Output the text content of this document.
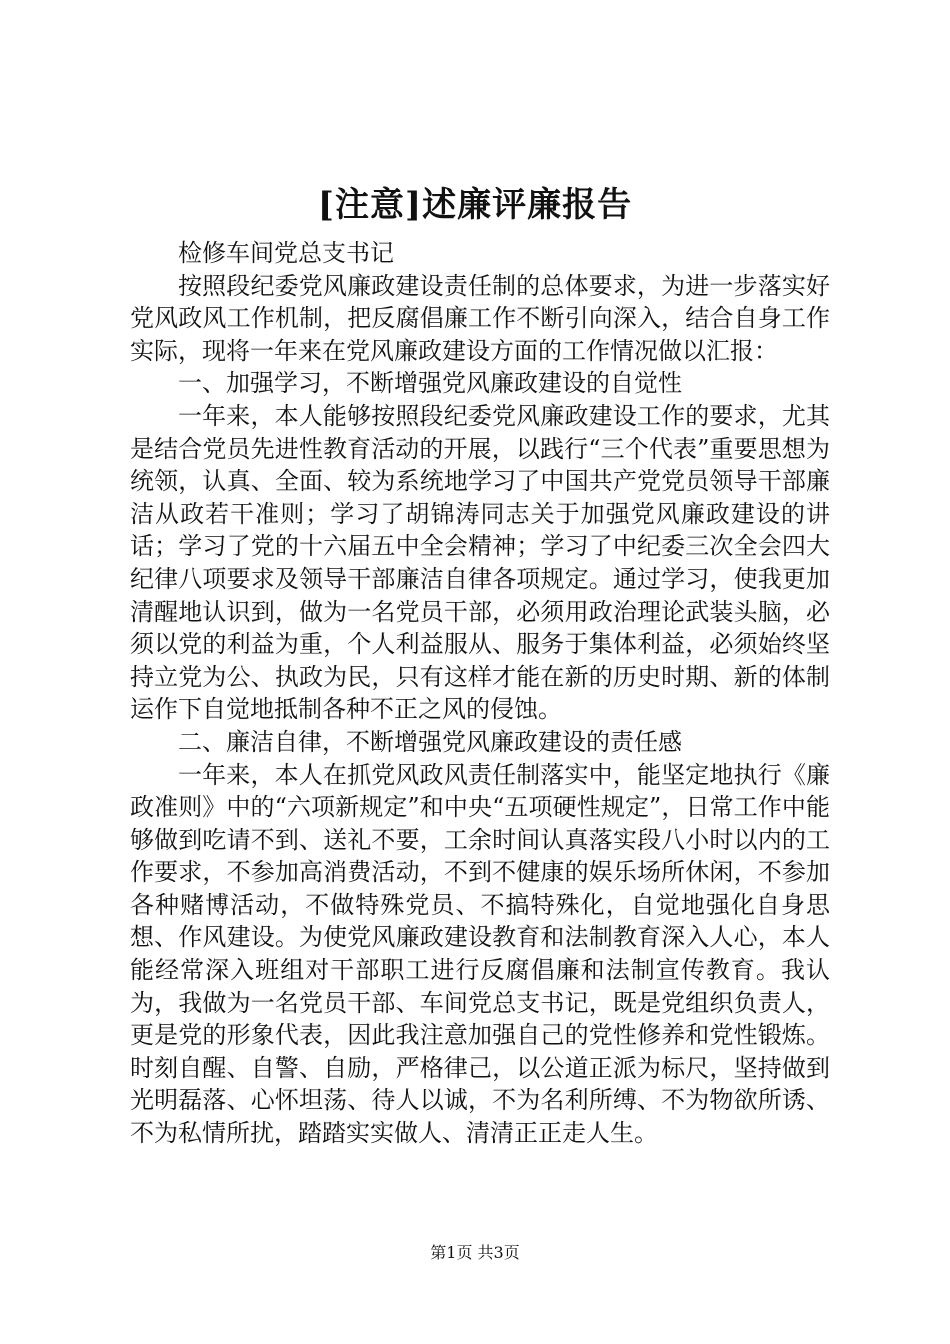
[注意]述廉评廉报告

检修车间党总支书记

按照段纪委党风廉政建设责任制的总体要求，为进一步落实好党风政风工作机制，把反腐倡廉工作不断引向深入，结合自身工作实际，现将一年来在党风廉政建设方面的工作情况做以汇报：

一、加强学习，不断增强党风廉政建设的自觉性

一年来，本人能够按照段纪委党风廉政建设工作的要求，尤其是结合党员先进性教育活动的开展，以践行“三个代表”重要思想为统领，认真、全面、较为系统地学习了中国共产党党员领导干部廉洁从政若干准则；学习了胡锦涛同志关于加强党风廉政建设的讲话；学习了党的十六届五中全会精神；学习了中纪委三次全会四大纪律八项要求及领导干部廉洁自律各项规定。通过学习，使我更加清醒地认识到，做为一名党员干部，必须用政治理论武装头脑，必须以党的利益为重，个人利益服从、服务于集体利益，必须始终坚持立党为公、执政为民，只有这样才能在新的历史时期、新的体制运作下自觉地抵制各种不正之风的侵蚀。

二、廉洁自律，不断增强党风廉政建设的责任感

一年来，本人在抓党风政风责任制落实中，能坚定地执行《廉政准则》中的“六项新规定”和中央“五项硬性规定”，日常工作中能够做到吃请不到、送礼不要，工余时间认真落实段八小时以内的工作要求，不参加高消费活动，不到不健康的娱乐场所休闲，不参加各种赌博活动，不做特殊党员、不搞特殊化，自觉地强化自身思想、作风建设。为使党风廉政建设教育和法制教育深入人心，本人能经常深入班组对干部职工进行反腐倡廉和法制宣传教育。我认为，我做为一名党员干部、车间党总支书记，既是党组织负责人，更是党的形象代表，因此我注意加强自己的党性修养和党性锻炼。时刻自醒、自警、自励，严格律己，以公道正派为标尺，坚持做到光明磊落、心怀坦荡、待人以诚，不为名利所缚、不为物欲所诱、不为私情所扰，踏踏实实做人、清清正正走人生。

第1页 共3页
